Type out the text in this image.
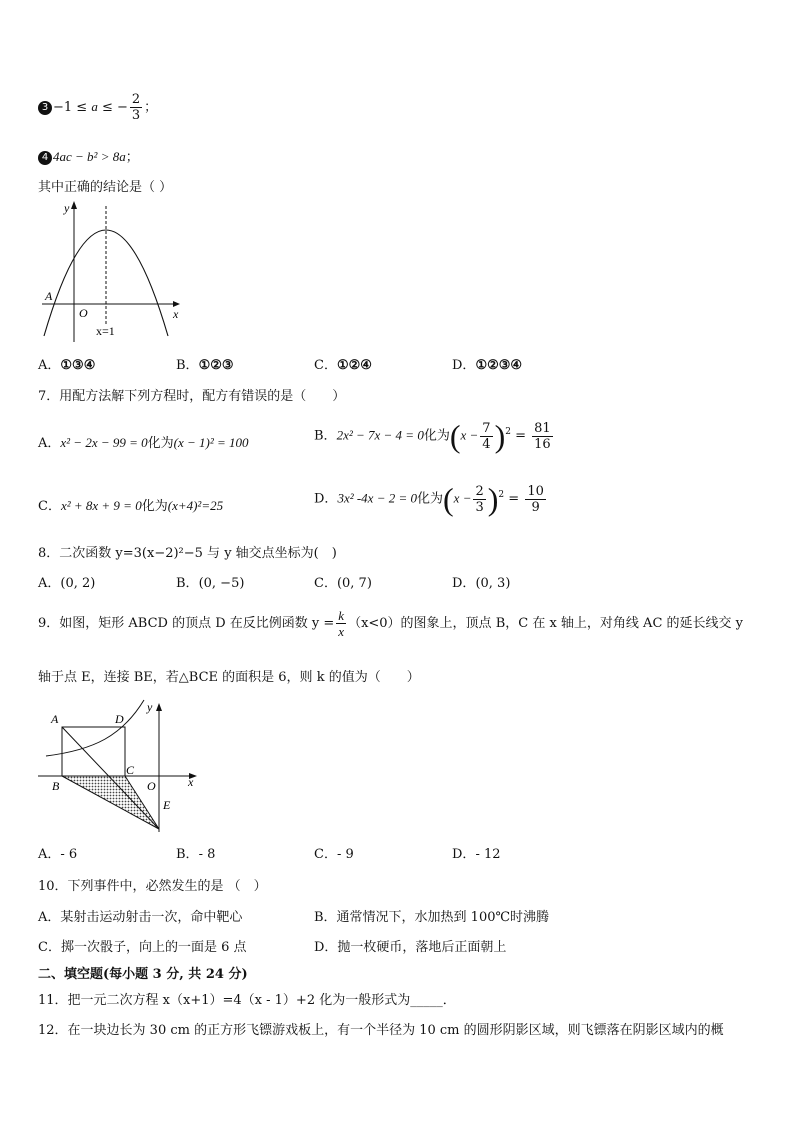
3 −1 ≤ a ≤ − $\frac{2}{3}$ ；
4 4ac − b² > 8a；
其中正确的结论是（ ）
y
x
O
A
x=1
A．①③④	B．①②③	C．①②④	D．①②③④
7．用配方法解下列方程时，配方有错误的是（　　）
A．x² − 2x − 99 = 0化为(x − 1)² = 100	B．2x² − 7x − 4 = 0化为$(x - \frac{7}{4} )^2 = \frac{81}{16}$
C．x² + 8x + 9 = 0化为(x+4)²=25	D．3x² -4x − 2 = 0化为$(x - \frac{2}{3} )^2 = \frac{10}{9}$
8．二次函数 y=3(x−2)²−5 与 y 轴交点坐标为(　)
A．(0, 2)	B．(0, −5)	C．(0, 7)	D．(0, 3)
9．如图，矩形 ABCD 的顶点 D 在反比例函数 $y = \frac{k}{x} (x<0)$的图象上，顶点 B，C 在 x 轴上，对角线 AC 的延长线交 y
轴于点 E，连接 BE，若△BCE 的面积是 6，则 k 的值为（　　）
A	D
B
C
O
E
x
y
A．- 6	B．- 8	C．- 9	D．- 12
10．下列事件中，必然发生的是 （　）
A．某射击运动射击一次，命中靶心	B．通常情况下，水加热到 100℃时沸腾
C．掷一次骰子，向上的一面是 6 点	D．抛一枚硬币，落地后正面朝上
二、填空题(每小题 3 分, 共 24 分)
11．把一元二次方程 x（x+1）=4（x - 1）+2 化为一般形式为_____．
12．在一块边长为 30 cm 的正方形飞镖游戏板上，有一个半径为 10 cm 的圆形阴影区域，则飞镖落在阴影区域内的概
